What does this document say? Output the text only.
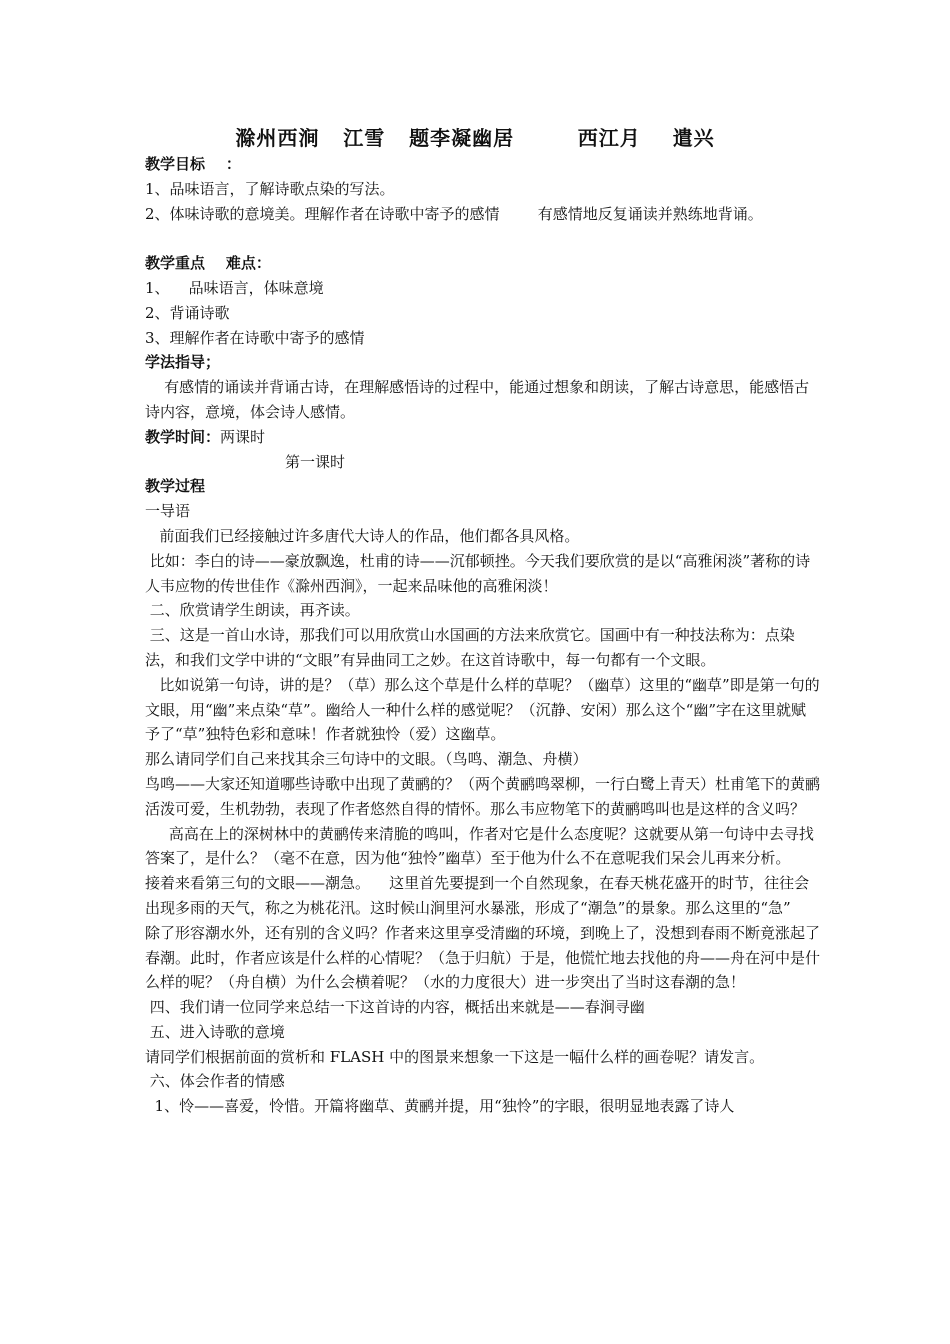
滁州西涧   江雪   题李凝幽居        西江月    遣兴

教学目标    ：

1、品味语言，了解诗歌点染的写法。

2、体味诗歌的意境美。理解作者在诗歌中寄予的感情        有感情地反复诵读并熟练地背诵。

教学重点    难点：

1、    品味语言，体味意境

2、背诵诗歌

3、理解作者在诗歌中寄予的感情

学法指导；

有感情的诵读并背诵古诗，在理解感悟诗的过程中，能通过想象和朗读，了解古诗意思，能感悟古诗内容，意境，体会诗人感情。

教学时间：两课时

第一课时

教学过程

一导语

前面我们已经接触过许多唐代大诗人的作品，他们都各具风格。

比如：李白的诗——豪放飘逸，杜甫的诗——沉郁顿挫。今天我们要欣赏的是以“高雅闲淡”著称的诗人韦应物的传世佳作《滁州西涧》，一起来品味他的高雅闲淡！

二、欣赏请学生朗读，再齐读。

三、这是一首山水诗，那我们可以用欣赏山水国画的方法来欣赏它。国画中有一种技法称为：点染法，和我们文学中讲的“文眼”有异曲同工之妙。在这首诗歌中，每一句都有一个文眼。

比如说第一句诗，讲的是？（草）那么这个草是什么样的草呢？（幽草）这里的“幽草”即是第一句的文眼，用“幽”来点染“草”。幽给人一种什么样的感觉呢？（沉静、安闲）那么这个“幽”字在这里就赋予了“草”独特色彩和意味！作者就独怜（爱）这幽草。

那么请同学们自己来找其余三句诗中的文眼。（鸟鸣、潮急、舟横）

鸟鸣——大家还知道哪些诗歌中出现了黄鹂的？（两个黄鹂鸣翠柳，一行白鹭上青天）杜甫笔下的黄鹂活泼可爱，生机勃勃，表现了作者悠然自得的情怀。那么韦应物笔下的黄鹂鸣叫也是这样的含义吗？

高高在上的深树林中的黄鹂传来清脆的鸣叫，作者对它是什么态度呢？这就要从第一句诗中去寻找答案了，是什么？（毫不在意，因为他“独怜”幽草）至于他为什么不在意呢我们呆会儿再来分析。

接着来看第三句的文眼——潮急。    这里首先要提到一个自然现象，在春天桃花盛开的时节，往往会出现多雨的天气，称之为桃花汛。这时候山涧里河水暴涨，形成了“潮急”的景象。那么这里的“急”     除了形容潮水外，还有别的含义吗？作者来这里享受清幽的环境，到晚上了，没想到春雨不断竟涨起了春潮。此时，作者应该是什么样的心情呢？（急于归航）于是，他慌忙地去找他的舟——舟在河中是什么样的呢？（舟自横）为什么会横着呢？（水的力度很大）进一步突出了当时这春潮的急！

四、我们请一位同学来总结一下这首诗的内容，概括出来就是——春涧寻幽

五、进入诗歌的意境

请同学们根据前面的赏析和 FLASH 中的图景来想象一下这是一幅什么样的画卷呢？请发言。

六、体会作者的情感

1、怜——喜爱，怜惜。开篇将幽草、黄鹂并提，用“独怜”的字眼，很明显地表露了诗人
